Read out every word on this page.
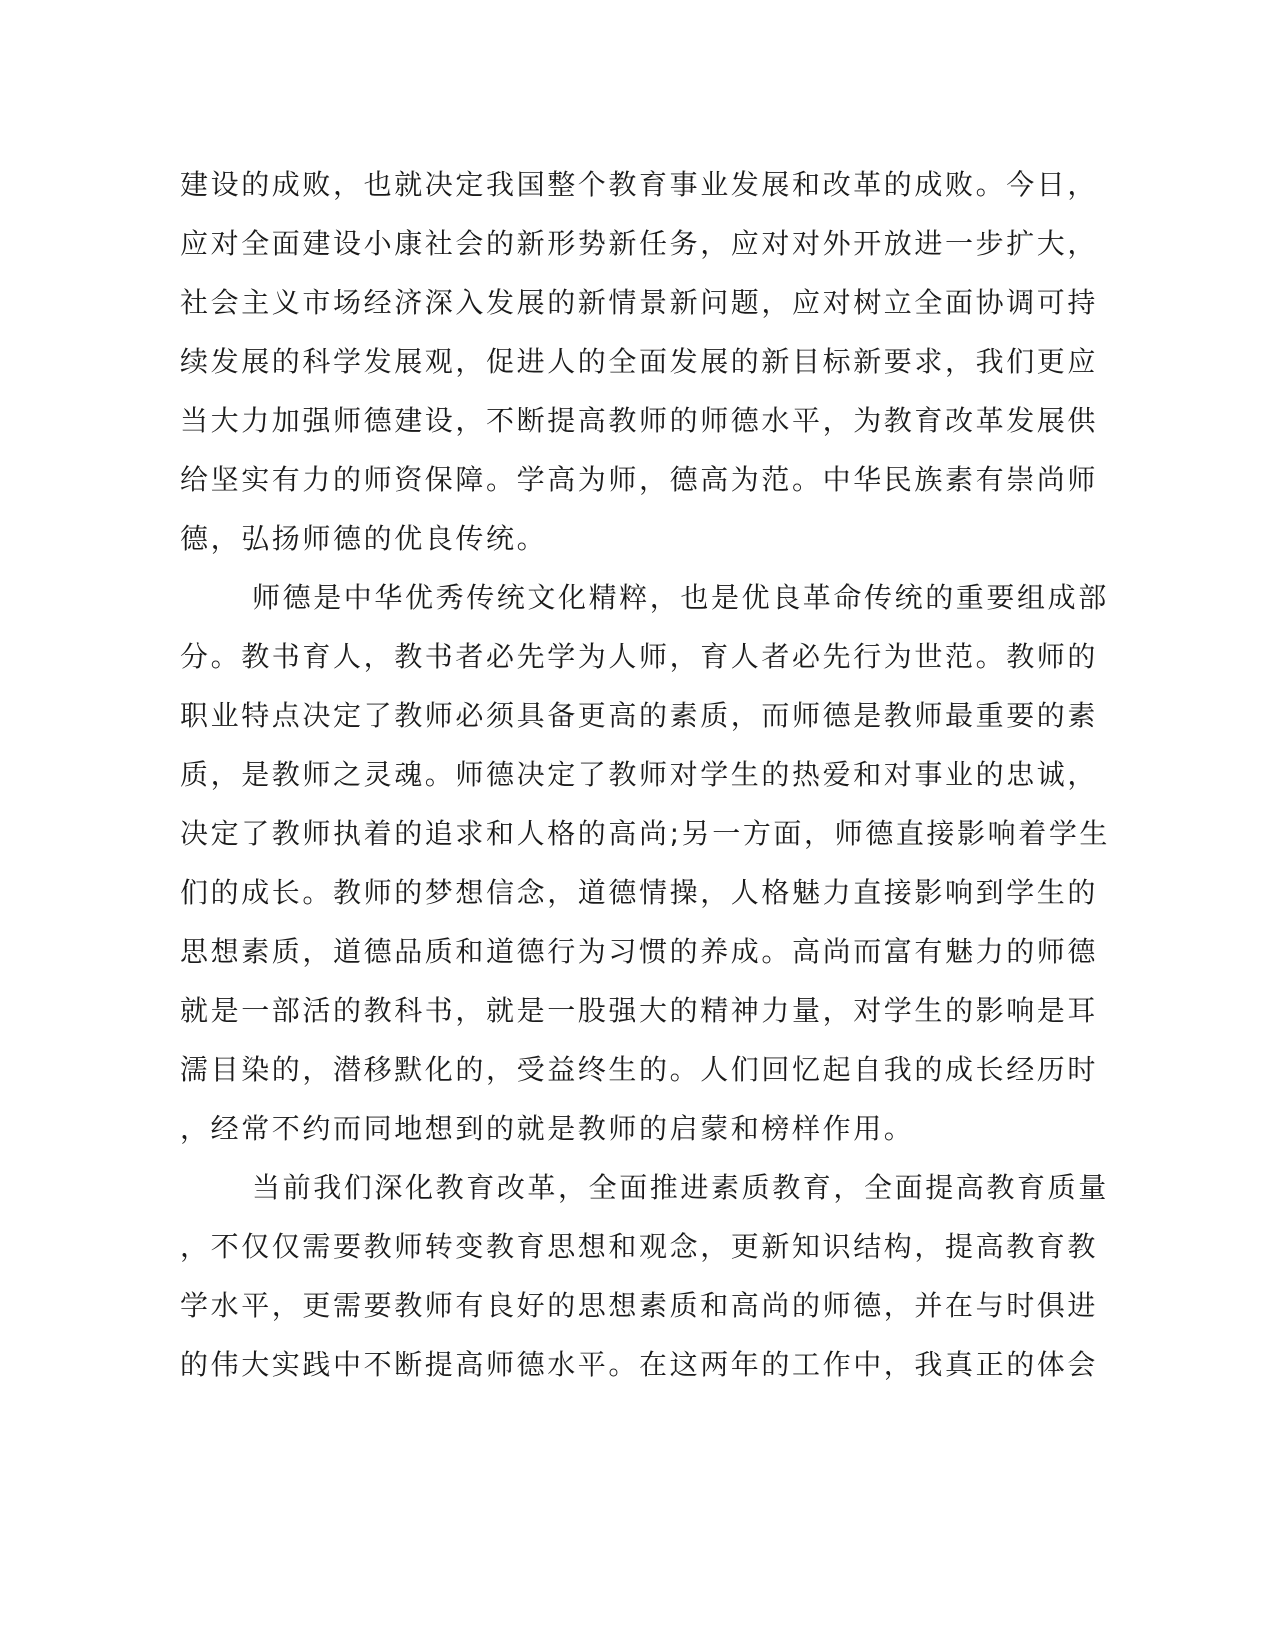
建设的成败，也就决定我国整个教育事业发展和改革的成败。今日，
应对全面建设小康社会的新形势新任务，应对对外开放进一步扩大，
社会主义市场经济深入发展的新情景新问题，应对树立全面协调可持
续发展的科学发展观，促进人的全面发展的新目标新要求，我们更应
当大力加强师德建设，不断提高教师的师德水平，为教育改革发展供
给坚实有力的师资保障。学高为师，德高为范。中华民族素有崇尚师
德，弘扬师德的优良传统。
师德是中华优秀传统文化精粹，也是优良革命传统的重要组成部
分。教书育人，教书者必先学为人师，育人者必先行为世范。教师的
职业特点决定了教师必须具备更高的素质，而师德是教师最重要的素
质，是教师之灵魂。师德决定了教师对学生的热爱和对事业的忠诚，
决定了教师执着的追求和人格的高尚;另一方面，师德直接影响着学生
们的成长。教师的梦想信念，道德情操，人格魅力直接影响到学生的
思想素质，道德品质和道德行为习惯的养成。高尚而富有魅力的师德
就是一部活的教科书，就是一股强大的精神力量，对学生的影响是耳
濡目染的，潜移默化的，受益终生的。人们回忆起自我的成长经历时
，经常不约而同地想到的就是教师的启蒙和榜样作用。
当前我们深化教育改革，全面推进素质教育，全面提高教育质量
，不仅仅需要教师转变教育思想和观念，更新知识结构，提高教育教
学水平，更需要教师有良好的思想素质和高尚的师德，并在与时俱进
的伟大实践中不断提高师德水平。在这两年的工作中，我真正的体会
